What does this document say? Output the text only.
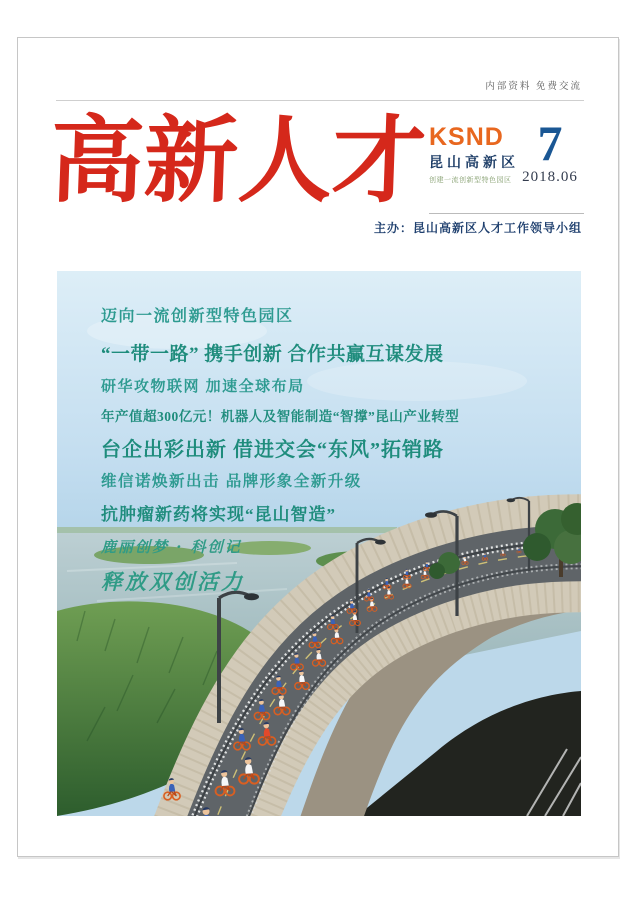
内部资料 免费交流
高新人才 KSND
昆山高新区
创建一流创新型特色园区
7
2018.06
主办：昆山高新区人才工作领导小组
迈向一流创新型特色园区
“一带一路” 携手创新 合作共赢互谋发展
研华攻物联网 加速全球布局
年产值超300亿元！机器人及智能制造“智撑”昆山产业转型
台企出彩出新 借进交会“东风”拓销路
维信诺焕新出击 品牌形象全新升级
抗肿瘤新药将实现“昆山智造”
鹿丽创梦 · 科创记
释放双创活力
